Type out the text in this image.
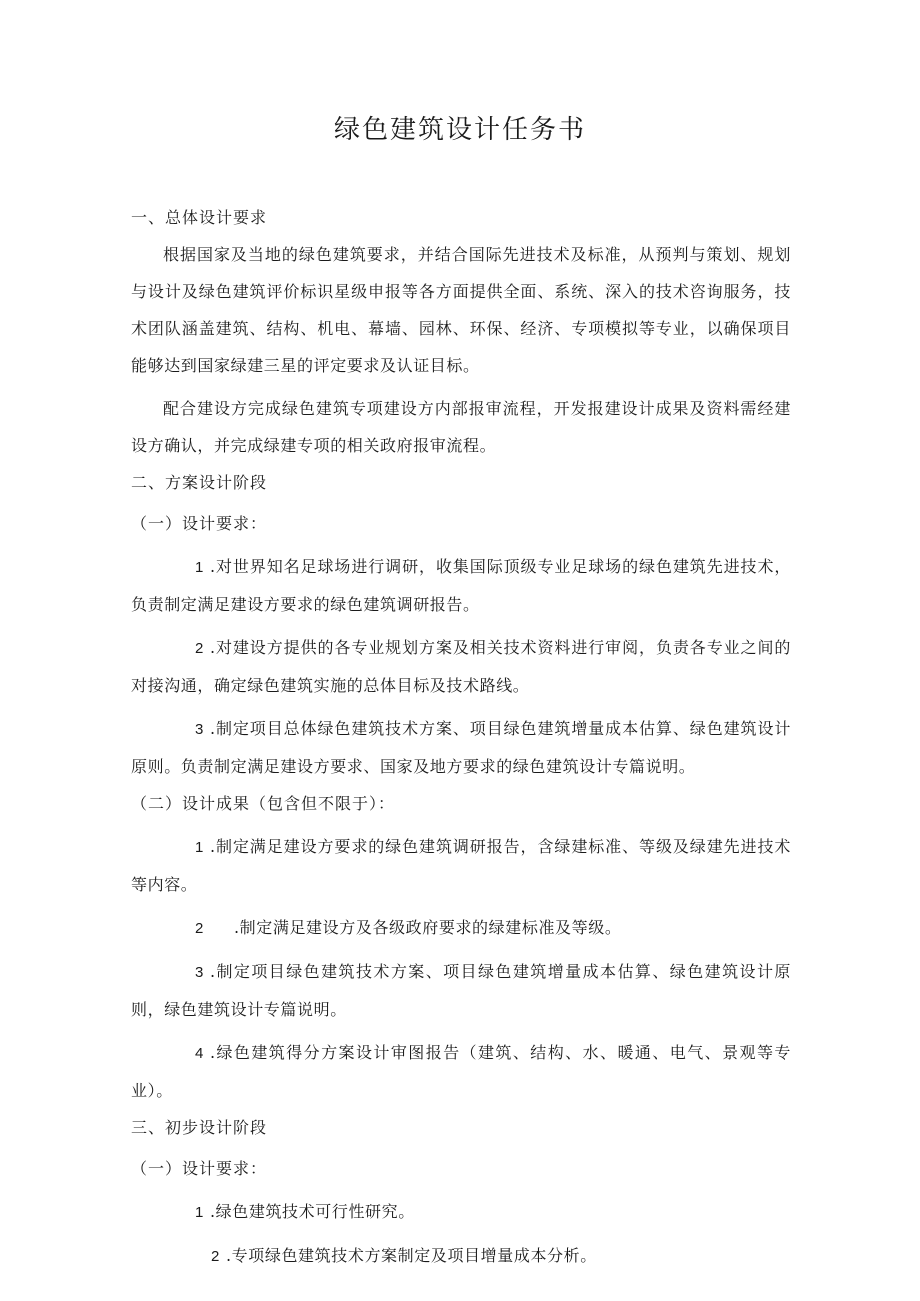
绿色建筑设计任务书
一、总体设计要求

根据国家及当地的绿色建筑要求，并结合国际先进技术及标准，从预判与策划、规划与设计及绿色建筑评价标识星级申报等各方面提供全面、系统、深入的技术咨询服务，技术团队涵盖建筑、结构、机电、幕墙、园林、环保、经济、专项模拟等专业，以确保项目能够达到国家绿建三星的评定要求及认证目标。

配合建设方完成绿色建筑专项建设方内部报审流程，开发报建设计成果及资料需经建设方确认，并完成绿建专项的相关政府报审流程。

二、方案设计阶段
（一）设计要求：

1 .对世界知名足球场进行调研，收集国际顶级专业足球场的绿色建筑先进技术，负责制定满足建设方要求的绿色建筑调研报告。

2 .对建设方提供的各专业规划方案及相关技术资料进行审阅，负责各专业之间的对接沟通，确定绿色建筑实施的总体目标及技术路线。

3 .制定项目总体绿色建筑技术方案、项目绿色建筑增量成本估算、绿色建筑设计原则。负责制定满足建设方要求、国家及地方要求的绿色建筑设计专篇说明。

（二）设计成果（包含但不限于）：

1 .制定满足建设方要求的绿色建筑调研报告，含绿建标准、等级及绿建先进技术等内容。

2 .制定满足建设方及各级政府要求的绿建标准及等级。

3 .制定项目绿色建筑技术方案、项目绿色建筑增量成本估算、绿色建筑设计原则，绿色建筑设计专篇说明。

4 .绿色建筑得分方案设计审图报告（建筑、结构、水、暖通、电气、景观等专业）。

三、初步设计阶段
（一）设计要求：

1 .绿色建筑技术可行性研究。

2 .专项绿色建筑技术方案制定及项目增量成本分析。
